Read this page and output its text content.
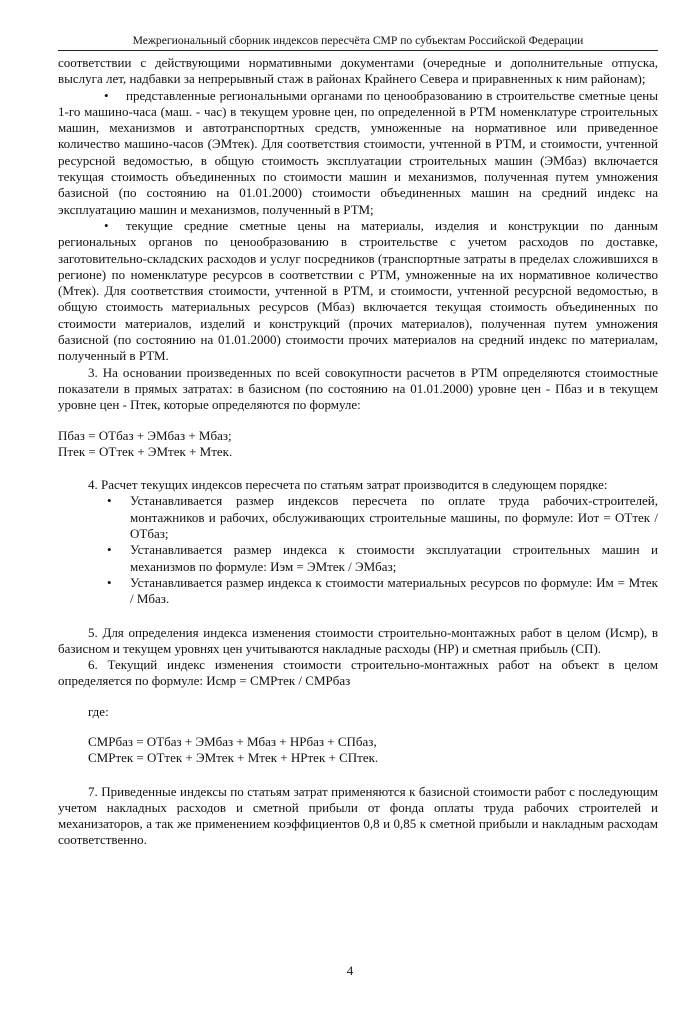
Межрегиональный сборник индексов пересчёта СМР по субъектам Российской Федерации

соответствии с действующими нормативными документами (очередные и дополнительные отпуска, выслуга лет, надбавки за непрерывный стаж в районах Крайнего Севера и приравненных к ним районам);

• представленные региональными органами по ценообразованию в строительстве сметные цены 1-го машино-часа (маш. - час) в текущем уровне цен, по определенной в РТМ номенклатуре строительных машин, механизмов и автотранспортных средств, умноженные на нормативное или приведенное количество машино-часов (ЭМтек). Для соответствия стоимости, учтенной в РТМ, и стоимости, учтенной ресурсной ведомостью, в общую стоимость эксплуатации строительных машин (ЭМбаз) включается текущая стоимость объединенных по стоимости машин и механизмов, полученная путем умножения базисной (по состоянию на 01.01.2000) стоимости объединенных машин на средний индекс на эксплуатацию машин и механизмов, полученный в РТМ;

• текущие средние сметные цены на материалы, изделия и конструкции по данным региональных органов по ценообразованию в строительстве с учетом расходов по доставке, заготовительно-складских расходов и услуг посредников (транспортные затраты в пределах сложившихся в регионе) по номенклатуре ресурсов в соответствии с РТМ, умноженные на их нормативное количество (Мтек). Для соответствия стоимости, учтенной в РТМ, и стоимости, учтенной ресурсной ведомостью, в общую стоимость материальных ресурсов (Мбаз) включается текущая стоимость объединенных по стоимости материалов, изделий и конструкций (прочих материалов), полученная путем умножения базисной (по состоянию на 01.01.2000) стоимости прочих материалов на средний индекс по материалам, полученный в РТМ.

3. На основании произведенных по всей совокупности расчетов в РТМ определяются стоимостные показатели в прямых затратах: в базисном (по состоянию на 01.01.2000) уровне цен - Пбаз и в текущем уровне цен - Птек, которые определяются по формуле:

Пбаз = ОТбаз + ЭМбаз + Мбаз;

Птек = ОТтек + ЭМтек + Мтек.

4. Расчет текущих индексов пересчета по статьям затрат производится в следующем порядке:

• Устанавливается размер индексов пересчета по оплате труда рабочих-строителей, монтажников и рабочих, обслуживающих строительные машины, по формуле: Иот = ОТтек / ОТбаз;
• Устанавливается размер индекса к стоимости эксплуатации строительных машин и механизмов по формуле: Иэм = ЭМтек / ЭМбаз;
• Устанавливается размер индекса к стоимости материальных ресурсов по формуле: Им = Мтек / Мбаз.

5. Для определения индекса изменения стоимости строительно-монтажных работ в целом (Исмр), в базисном и текущем уровнях цен учитываются накладные расходы (НР) и сметная прибыль (СП).

6. Текущий индекс изменения стоимости строительно-монтажных работ на объект в целом определяется по формуле: Исмр = СМРтек / СМРбаз

где:

СМРбаз = ОТбаз + ЭМбаз + Мбаз + НРбаз + СПбаз,

СМРтек = ОТтек + ЭМтек + Мтек + НРтек + СПтек.

7. Приведенные индексы по статьям затрат применяются к базисной стоимости работ с последующим учетом накладных расходов и сметной прибыли от фонда оплаты труда рабочих строителей и механизаторов, а так же применением коэффициентов 0,8 и 0,85 к сметной прибыли и накладным расходам соответственно.

4
